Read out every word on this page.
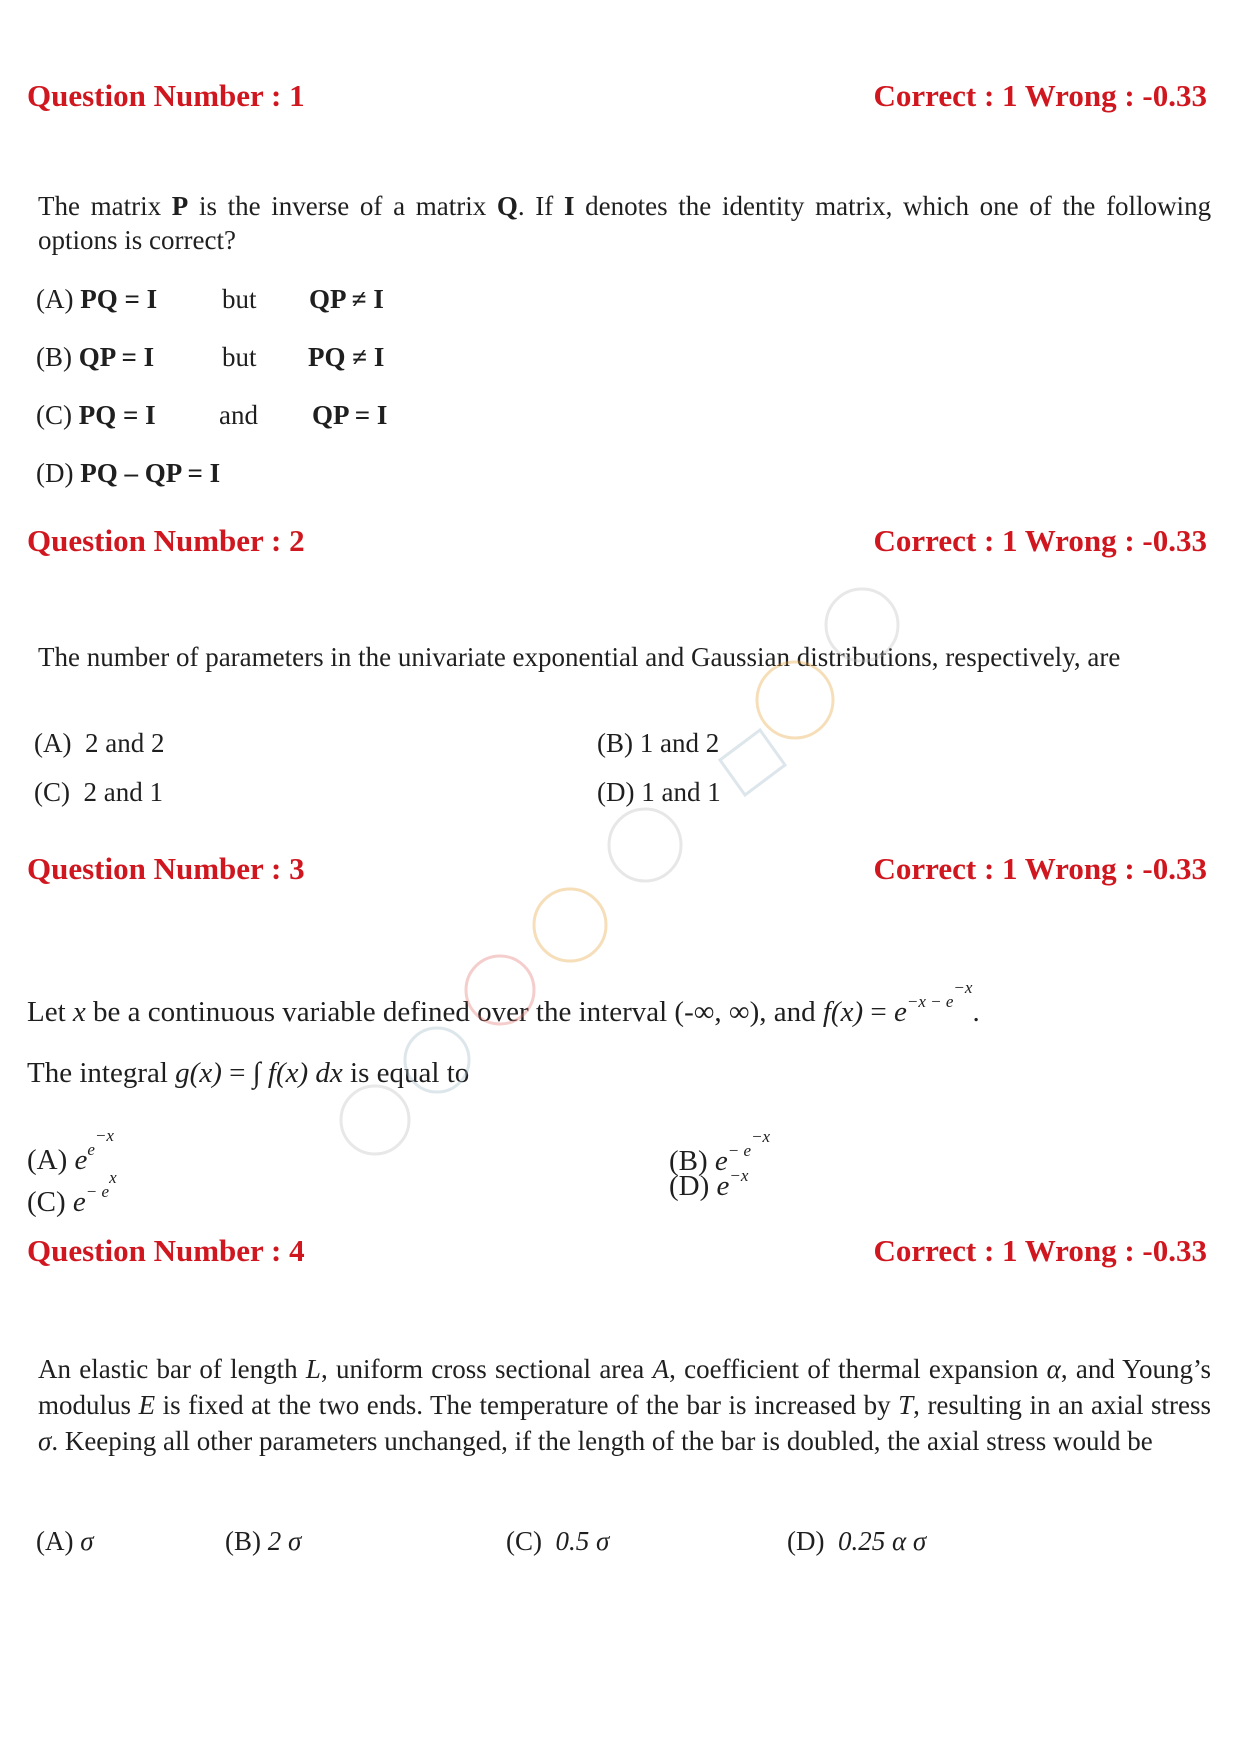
Question Number : 1	Correct : 1 Wrong : -0.33
The matrix P is the inverse of a matrix Q. If I denotes the identity matrix, which one of the following options is correct?
(A) PQ = I but QP ≠ I
(B) QP = I	but PQ ≠ I
(C) PQ = I and QP = I
(D) PQ – QP = I
Question Number : 2	Correct : 1 Wrong : -0.33
The number of parameters in the univariate exponential and Gaussian distributions, respectively, are
(A) 2 and 2	(B) 1 and 2
(C) 2 and 1	(D) 1 and 1
Question Number : 3	Correct : 1 Wrong : -0.33
Let x be a continuous variable defined over the interval (-∞, ∞), and $f(x) = e^{-x - e^{-x}}$.
The integral g(x) = ∫ f(x) dx is equal to
(A) $e^{e^{-x}}$
(B) $e^{- e^{-x}}$
(C) $e^{- e^x}$	(D) $e^{-x}$
Question Number : 4	Correct : 1 Wrong : -0.33
An elastic bar of length L, uniform cross sectional area A, coefficient of thermal expansion α, and Young’s modulus E is fixed at the two ends. The temperature of the bar is increased by T, resulting in an axial stress σ. Keeping all other parameters unchanged, if the length of the bar is doubled, the axial stress would be
(A) σ	(B) 2 σ	(C) 0.5 σ	(D) 0.25 α σ
